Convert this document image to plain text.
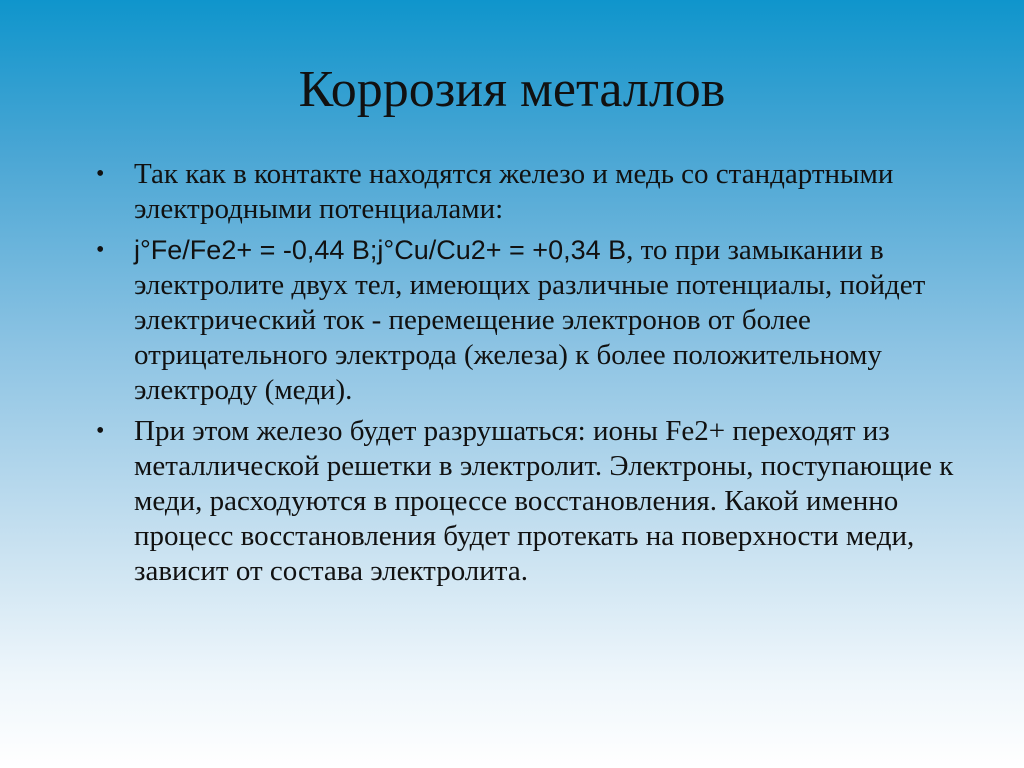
Коррозия металлов
•	Так как в контакте находятся железо и медь со стандартными электродными потенциалами:
•	j°Fe/Fe2+ = -0,44 В;j°Cu/Cu2+ = +0,34 В, то при замыкании в электролите двух тел, имеющих различные потенциалы, пойдет электрический ток - перемещение электронов от более отрицательного электрода (железа) к более положительному электроду (меди).
•	При этом железо будет разрушаться: ионы Fe2+ переходят из металлической решетки в электролит. Электроны, поступающие к меди, расходуются в процессе восстановления. Какой именно процесс восстановления будет протекать на поверхности меди, зависит от состава электролита.
